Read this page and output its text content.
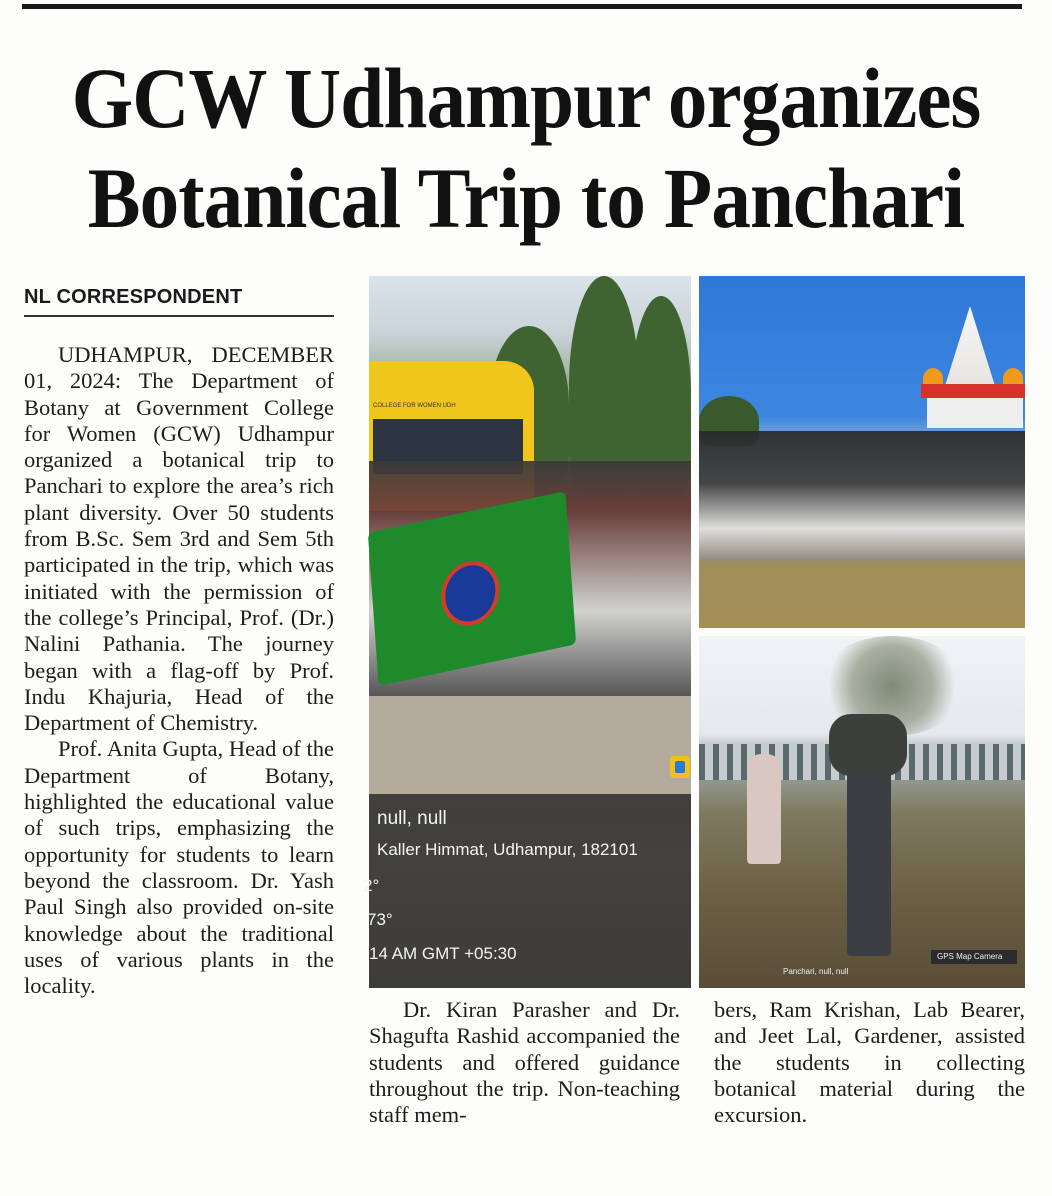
GCW Udhampur organizes
Botanical Trip to Panchari
NL CORRESPONDENT

UDHAMPUR, DECEMBER 01, 2024: The Department of Botany at Government College for Women (GCW) Udhampur organized a botanical trip to Panchari to explore the area’s rich plant diversity. Over 50 students from B.Sc. Sem 3rd and Sem 5th participated in the trip, which was initiated with the permission of the college’s Principal, Prof. (Dr.) Nalini Pathania. The journey began with a flag-off by Prof. Indu Khajuria, Head of the Department of Chemistry.

Prof. Anita Gupta, Head of the Department of Botany, highlighted the educational value of such trips, emphasizing the opportunity for students to learn beyond the classroom. Dr. Yash Paul Singh also provided on-site knowledge about the traditional uses of various plants in the locality.

COLLEGE FOR WOMEN UDH
null, null
Kaller Himmat, Udhampur, 182101
2°
73°
14 AM GMT +05:30	GPS Map Camera
Panchari, null, null

Dr. Kiran Parasher and Dr. Shagufta Rashid accompanied the students and offered guidance throughout the trip. Non-teaching staff mem-

bers, Ram Krishan, Lab Bearer, and Jeet Lal, Gardener, assisted the students in collecting botanical material during the excursion.
